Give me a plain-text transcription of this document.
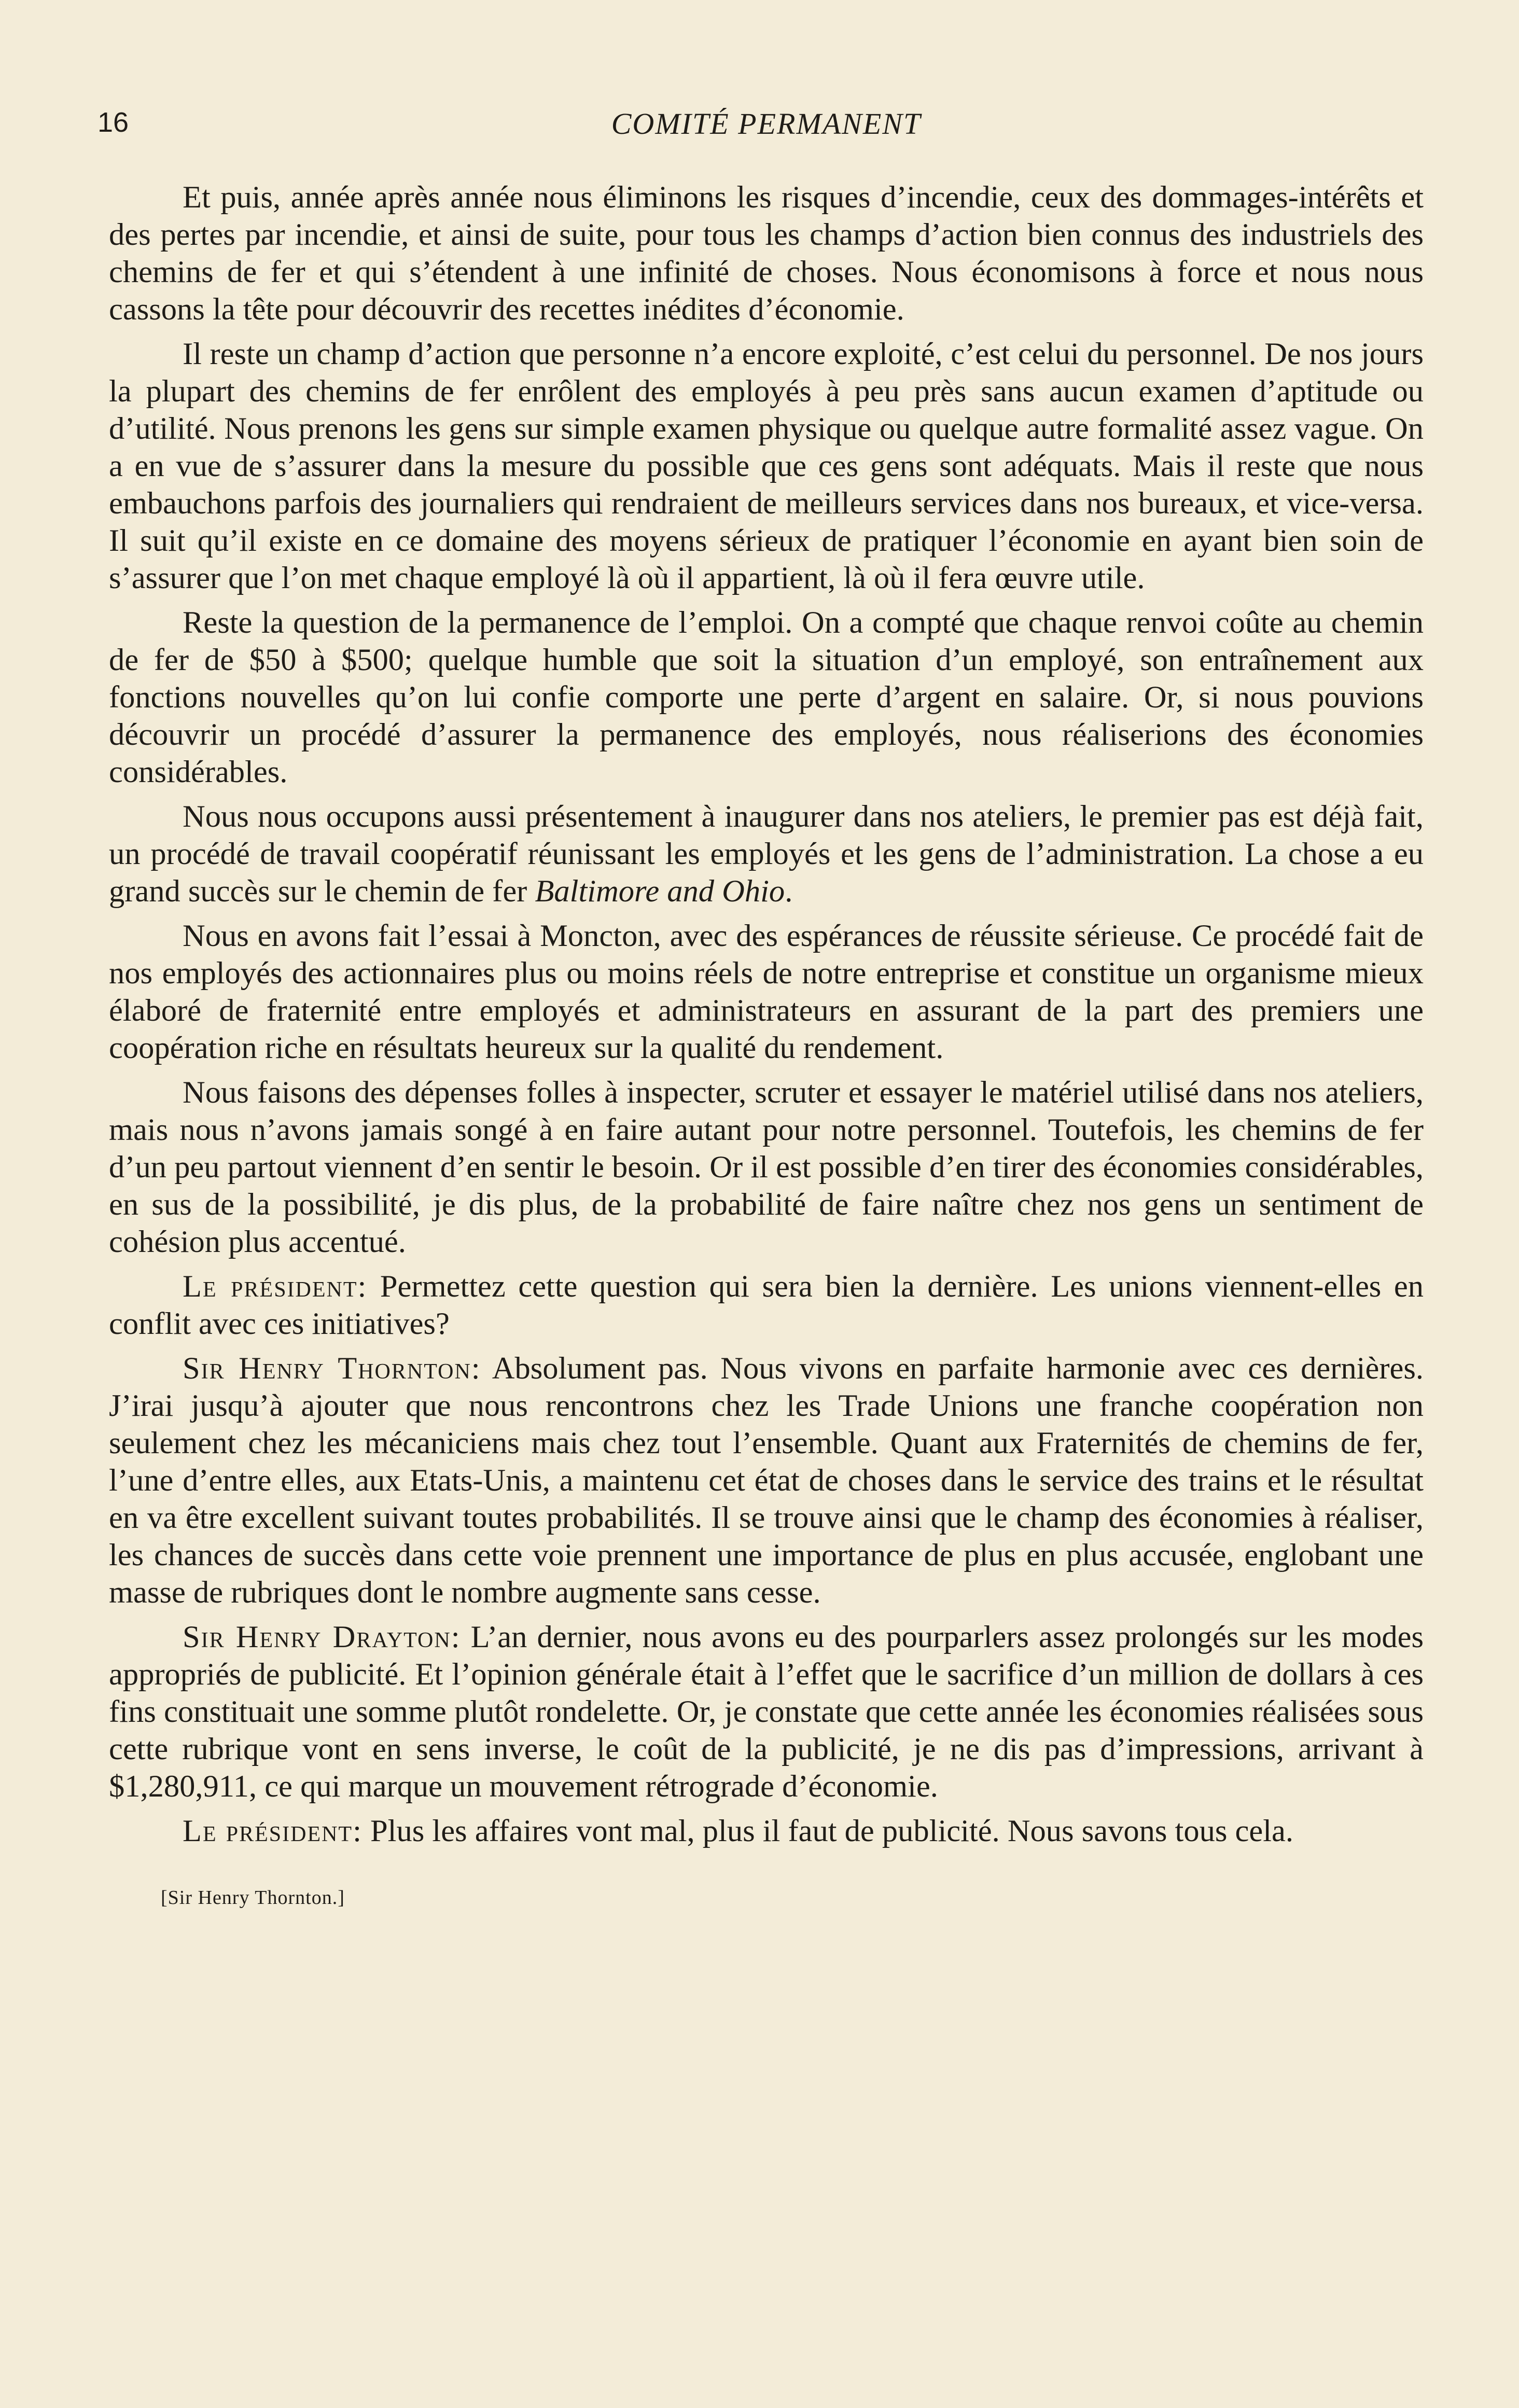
16	COMITÉ PERMANENT

Et puis, année après année nous éliminons les risques d’incendie, ceux des dommages-intérêts et des pertes par incendie, et ainsi de suite, pour tous les champs d’action bien connus des industriels des chemins de fer et qui s’étendent à une infinité de choses. Nous économisons à force et nous nous cassons la tête pour découvrir des recettes inédites d’économie.

Il reste un champ d’action que personne n’a encore exploité, c’est celui du personnel. De nos jours la plupart des chemins de fer enrôlent des employés à peu près sans aucun examen d’aptitude ou d’utilité. Nous prenons les gens sur simple examen physique ou quelque autre formalité assez vague. On a en vue de s’assurer dans la mesure du possible que ces gens sont adéquats. Mais il reste que nous embauchons parfois des journaliers qui rendraient de meilleurs services dans nos bureaux, et vice-versa. Il suit qu’il existe en ce domaine des moyens sérieux de pratiquer l’économie en ayant bien soin de s’assurer que l’on met chaque employé là où il appartient, là où il fera œuvre utile.

Reste la question de la permanence de l’emploi. On a compté que chaque renvoi coûte au chemin de fer de $50 à $500; quelque humble que soit la situation d’un employé, son entraînement aux fonctions nouvelles qu’on lui confie comporte une perte d’argent en salaire. Or, si nous pouvions découvrir un procédé d’assurer la permanence des employés, nous réaliserions des économies considérables.

Nous nous occupons aussi présentement à inaugurer dans nos ateliers, le premier pas est déjà fait, un procédé de travail coopératif réunissant les employés et les gens de l’administration. La chose a eu grand succès sur le chemin de fer Baltimore and Ohio.

Nous en avons fait l’essai à Moncton, avec des espérances de réussite sérieuse. Ce procédé fait de nos employés des actionnaires plus ou moins réels de notre entreprise et constitue un organisme mieux élaboré de fraternité entre employés et administrateurs en assurant de la part des premiers une coopération riche en résultats heureux sur la qualité du rendement.

Nous faisons des dépenses folles à inspecter, scruter et essayer le matériel utilisé dans nos ateliers, mais nous n’avons jamais songé à en faire autant pour notre personnel. Toutefois, les chemins de fer d’un peu partout viennent d’en sentir le besoin. Or il est possible d’en tirer des économies considérables, en sus de la possibilité, je dis plus, de la probabilité de faire naître chez nos gens un sentiment de cohésion plus accentué.

Le président: Permettez cette question qui sera bien la dernière. Les unions viennent-elles en conflit avec ces initiatives?

Sir Henry Thornton: Absolument pas. Nous vivons en parfaite harmonie avec ces dernières. J’irai jusqu’à ajouter que nous rencontrons chez les Trade Unions une franche coopération non seulement chez les mécaniciens mais chez tout l’ensemble. Quant aux Fraternités de chemins de fer, l’une d’entre elles, aux Etats-Unis, a maintenu cet état de choses dans le service des trains et le résultat en va être excellent suivant toutes probabilités. Il se trouve ainsi que le champ des économies à réaliser, les chances de succès dans cette voie prennent une importance de plus en plus accusée, englobant une masse de rubriques dont le nombre augmente sans cesse.

Sir Henry Drayton: L’an dernier, nous avons eu des pourparlers assez prolongés sur les modes appropriés de publicité. Et l’opinion générale était à l’effet que le sacrifice d’un million de dollars à ces fins constituait une somme plutôt rondelette. Or, je constate que cette année les économies réalisées sous cette rubrique vont en sens inverse, le coût de la publicité, je ne dis pas d’impressions, arrivant à $1,280,911, ce qui marque un mouvement rétrograde d’économie.

Le président: Plus les affaires vont mal, plus il faut de publicité. Nous savons tous cela.

[Sir Henry Thornton.]
